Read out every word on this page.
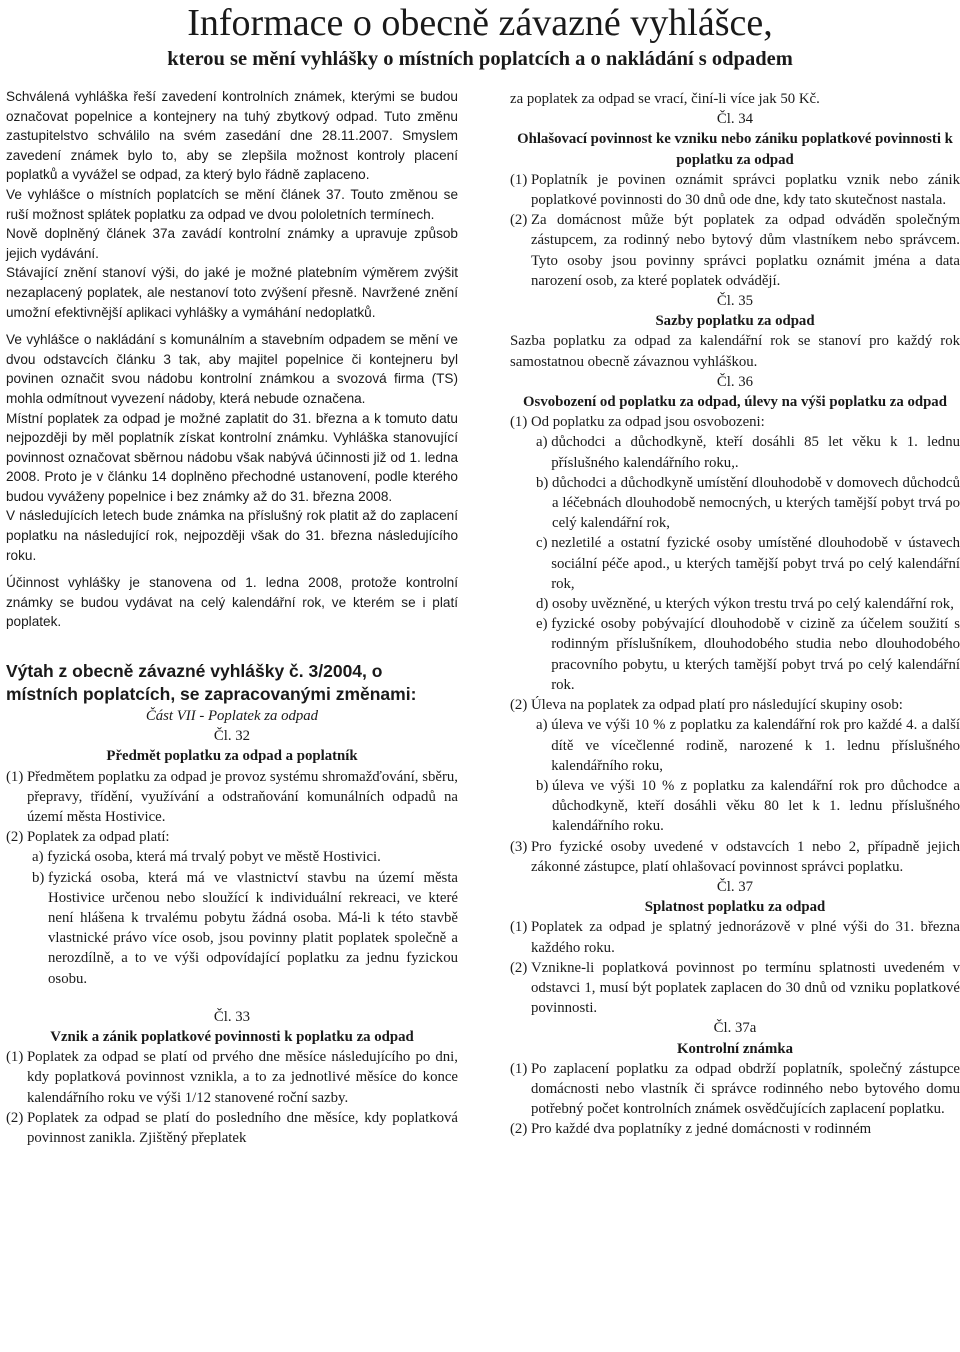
Informace o obecně závazné vyhlášce,
kterou se mění vyhlášky o místních poplatcích a o nakládání s odpadem

Schválená vyhláška řeší zavedení kontrolních známek, kterými se budou označovat popelnice a kontejnery na tuhý zbytkový odpad. Tuto změnu zastupitelstvo schválilo na svém zasedání dne 28.11.2007. Smyslem zavedení známek bylo to, aby se zlepšila možnost kontroly placení poplatků a vyvážel se odpad, za který bylo řádně zaplaceno.

Ve vyhlášce o místních poplatcích se mění článek 37. Touto změnou se ruší možnost splátek poplatku za odpad ve dvou pololetních termínech.

Nově doplněný článek 37a zavádí kontrolní známky a upravuje způsob jejich vydávání.

Stávající znění stanoví výši, do jaké je možné platebním výměrem zvýšit nezaplacený poplatek, ale nestanoví toto zvýšení přesně. Navržené znění umožní efektivnější aplikaci vyhlášky a vymáhání nedoplatků.

Ve vyhlášce o nakládání s komunálním a stavebním odpadem se mění ve dvou odstavcích článku 3 tak, aby majitel popelnice či kontejneru byl povinen označit svou nádobu kontrolní známkou a svozová firma (TS) mohla odmítnout vyvezení nádoby, která nebude označena.

Místní poplatek za odpad je možné zaplatit do 31. března a k tomuto datu nejpozději by měl poplatník získat kontrolní známku. Vyhláška stanovující povinnost označovat sběrnou nádobu však nabývá účinnosti již od 1. ledna 2008. Proto je v článku 14 doplněno přechodné ustanovení, podle kterého budou vyváženy popelnice i bez známky až do 31. března 2008.

V následujících letech bude známka na příslušný rok platit až do zaplacení poplatku na následující rok, nejpozději však do 31. března následujícího roku.

Účinnost vyhlášky je stanovena od 1. ledna 2008, protože kontrolní známky se budou vydávat na celý kalendářní rok, ve kterém se i platí poplatek.

Výtah z obecně závazné vyhlášky č. 3/2004, o místních poplatcích, se zapracovanými změnami:

Část VII - Poplatek za odpad

Čl. 32

Předmět poplatku za odpad a poplatník

(1) Předmětem poplatku za odpad je provoz systému shromažďování, sběru, přepravy, třídění, využívání a odstraňování komunálních odpadů na území města Hostivice.

(2) Poplatek za odpad platí:

a) fyzická osoba, která má trvalý pobyt ve městě Hostivici.
b) fyzická osoba, která má ve vlastnictví stavbu na území města Hostivice určenou nebo sloužící k individuální rekreaci, ve které není hlášena k trvalému pobytu žádná osoba. Má-li k této stavbě vlastnické právo více osob, jsou povinny platit poplatek společně a nerozdílně, a to ve výši odpovídající poplatku za jednu fyzickou osobu.

Čl. 33

Vznik a zánik poplatkové povinnosti k poplatku za odpad

(1) Poplatek za odpad se platí od prvého dne měsíce následujícího po dni, kdy poplatková povinnost vznikla, a to za jednotlivé měsíce do konce kalendářního roku ve výši 1/12 stanovené roční sazby.
(2) Poplatek za odpad se platí do posledního dne měsíce, kdy poplatková povinnost zanikla. Zjištěný přeplatek

za poplatek za odpad se vrací, činí-li více jak 50 Kč.

Čl. 34

Ohlašovací povinnost ke vzniku nebo zániku poplatkové povinnosti k poplatku za odpad

(1) Poplatník je povinen oznámit správci poplatku vznik nebo zánik poplatkové povinnosti do 30 dnů ode dne, kdy tato skutečnost nastala.
(2) Za domácnost může být poplatek za odpad odváděn společným zástupcem, za rodinný nebo bytový dům vlastníkem nebo správcem. Tyto osoby jsou povinny správci poplatku oznámit jména a data narození osob, za které poplatek odvádějí.

Čl. 35

Sazby poplatku za odpad

Sazba poplatku za odpad za kalendářní rok se stanoví pro každý rok samostatnou obecně závaznou vyhláškou.

Čl. 36

Osvobození od poplatku za odpad, úlevy na výši poplatku za odpad

(1) Od poplatku za odpad jsou osvobozeni:

a) důchodci a důchodkyně, kteří dosáhli 85 let věku k 1. lednu příslušného kalendářního roku,.
b) důchodci a důchodkyně umístění dlouhodobě v domovech důchodců a léčebnách dlouhodobě nemocných, u kterých tamější pobyt trvá po celý kalendářní rok,
c) nezletilé a ostatní fyzické osoby umístěné dlouhodobě v ústavech sociální péče apod., u kterých tamější pobyt trvá po celý kalendářní rok,
d) osoby uvězněné, u kterých výkon trestu trvá po celý kalendářní rok,
e) fyzické osoby pobývající dlouhodobě v cizině za účelem soužití s rodinným příslušníkem, dlouhodobého studia nebo dlouhodobého pracovního pobytu, u kterých tamější pobyt trvá po celý kalendářní rok.
(2) Úleva na poplatek za odpad platí pro následující skupiny osob:
a) úleva ve výši 10 % z poplatku za kalendářní rok pro každé 4. a další dítě ve vícečlenné rodině, narozené k 1. lednu příslušného kalendářního roku,
b) úleva ve výši 10 % z poplatku za kalendářní rok pro důchodce a důchodkyně, kteří dosáhli věku 80 let k 1. lednu příslušného kalendářního roku.
(3) Pro fyzické osoby uvedené v odstavcích 1 nebo 2, případně jejich zákonné zástupce, platí ohlašovací povinnost správci poplatku.

Čl. 37

Splatnost poplatku za odpad

(1) Poplatek za odpad je splatný jednorázově v plné výši do 31. března každého roku.
(2) Vznikne-li poplatková povinnost po termínu splatnosti uvedeném v odstavci 1, musí být poplatek zaplacen do 30 dnů od vzniku poplatkové povinnosti.

Čl. 37a

Kontrolní známka

(1) Po zaplacení poplatku za odpad obdrží poplatník, společný zástupce domácnosti nebo vlastník či správce rodinného nebo bytového domu potřebný počet kontrolních známek osvědčujících zaplacení poplatku.
(2) Pro každé dva poplatníky z jedné domácnosti v rodinném
